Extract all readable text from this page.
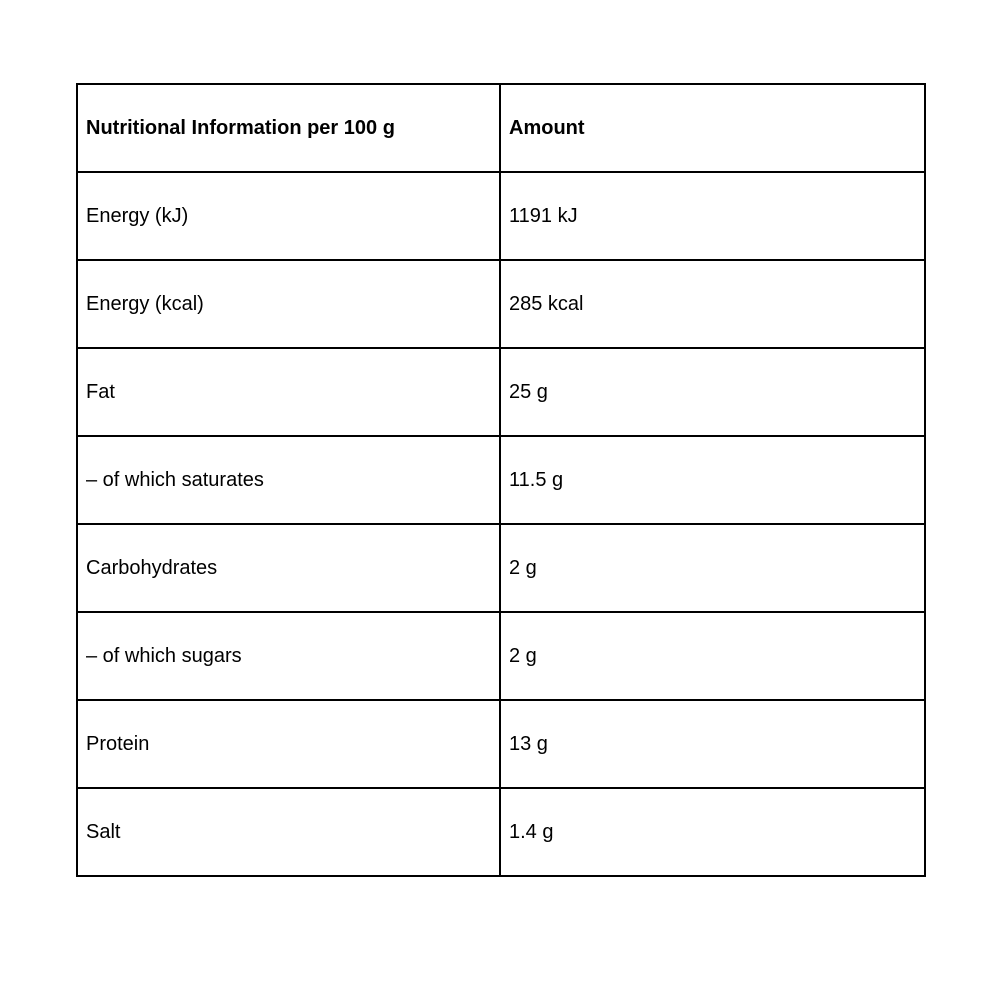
Nutritional Information per 100 g	Amount
Energy (kJ)	1191 kJ
Energy (kcal)	285 kcal
Fat	25 g
– of which saturates	11.5 g
Carbohydrates	2 g
– of which sugars	2 g
Protein	13 g
Salt	1.4 g
